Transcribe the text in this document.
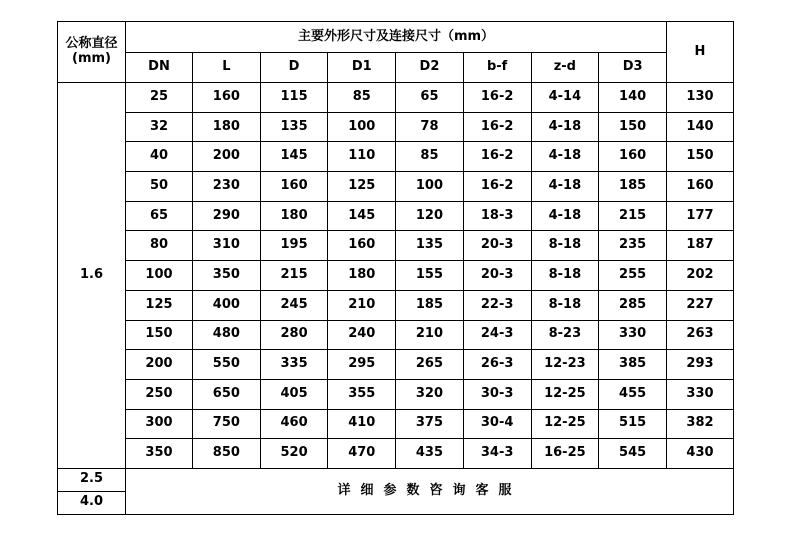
公称直径
(mm)	主要外形尺寸及连接尺寸（mm）								H
	DN	L	D	D1	D2	b-f	z-d	D3	
1.6	25	160	115	85	65	16-2	4-14	140	130
	32	180	135	100	78	16-2	4-18	150	140
	40	200	145	110	85	16-2	4-18	160	150
	50	230	160	125	100	16-2	4-18	185	160
	65	290	180	145	120	18-3	4-18	215	177
	80	310	195	160	135	20-3	8-18	235	187
	100	350	215	180	155	20-3	8-18	255	202
	125	400	245	210	185	22-3	8-18	285	227
	150	480	280	240	210	24-3	8-23	330	263
	200	550	335	295	265	26-3	12-23	385	293
	250	650	405	355	320	30-3	12-25	455	330
	300	750	460	410	375	30-4	12-25	515	382
	350	850	520	470	435	34-3	16-25	545	430
2.5	详细参数咨询客服								
4.0									
